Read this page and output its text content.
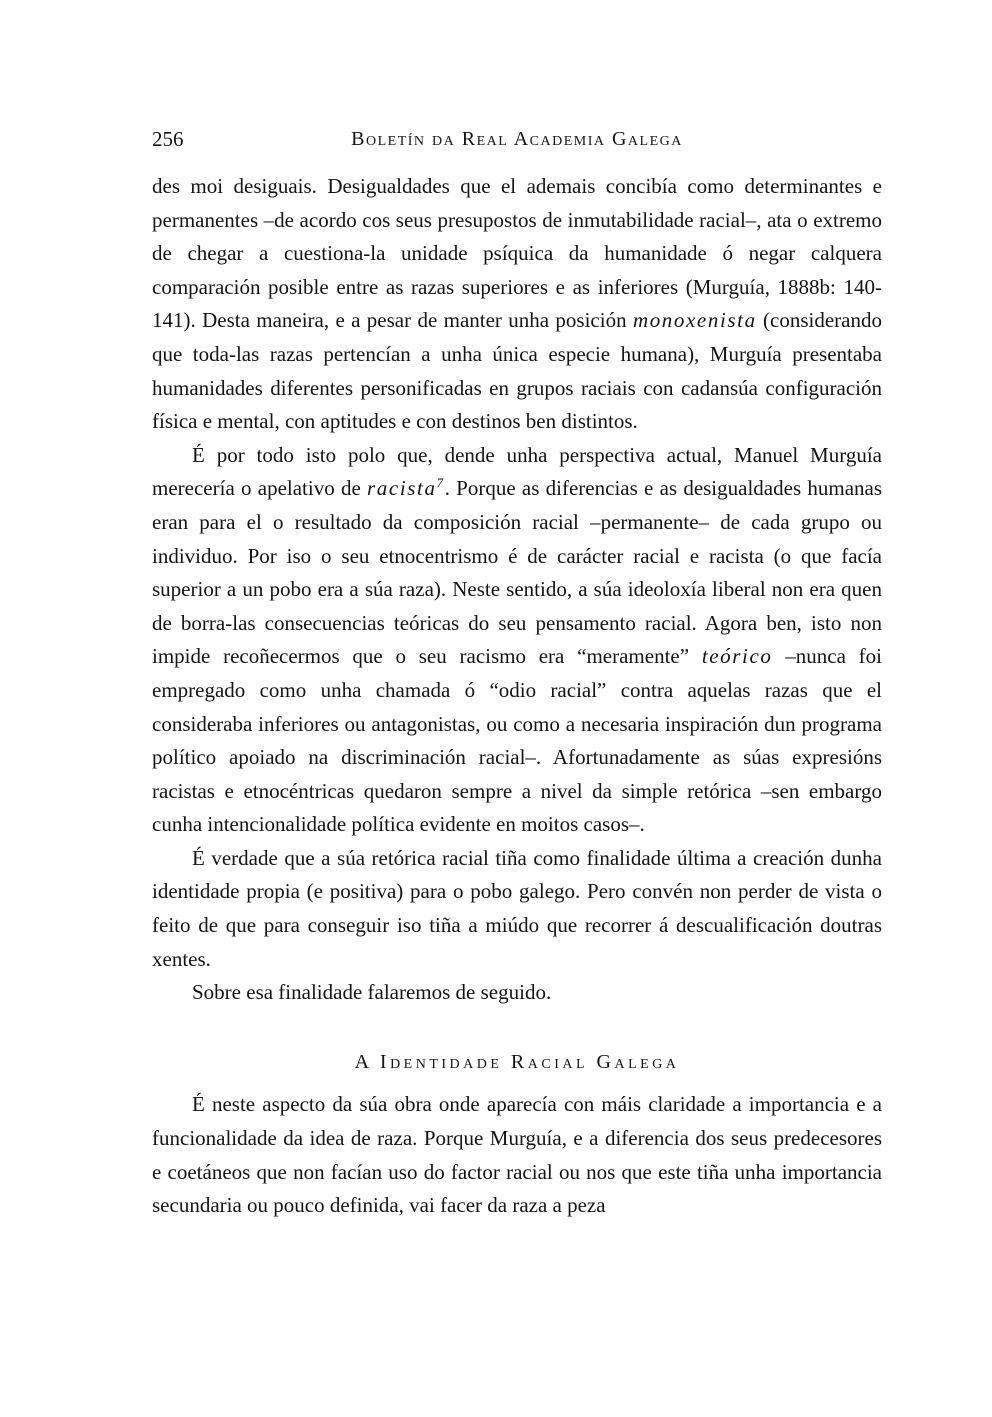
256	Boletín da Real Academia Galega

des moi desiguais. Desigualdades que el ademais concibía como determinantes e permanentes –de acordo cos seus presupostos de inmutabilidade racial–, ata o extremo de chegar a cuestiona-la unidade psíquica da humanidade ó negar calquera comparación posible entre as razas superiores e as inferiores (Murguía, 1888b: 140-141). Desta maneira, e a pesar de manter unha posición monoxenista (considerando que toda-las razas pertencían a unha única especie humana), Murguía presentaba humanidades diferentes personificadas en grupos raciais con cadansúa configuración física e mental, con aptitudes e con destinos ben distintos.

É por todo isto polo que, dende unha perspectiva actual, Manuel Murguía merecería o apelativo de racista$^7$. Porque as diferencias e as desigualdades humanas eran para el o resultado da composición racial –permanente– de cada grupo ou individuo. Por iso o seu etnocentrismo é de carácter racial e racista (o que facía superior a un pobo era a súa raza). Neste sentido, a súa ideoloxía liberal non era quen de borra-las consecuencias teóricas do seu pensamento racial. Agora ben, isto non impide recoñecermos que o seu racismo era “meramente” teórico –nunca foi empregado como unha chamada ó “odio racial” contra aquelas razas que el consideraba inferiores ou antagonistas, ou como a necesaria inspiración dun programa político apoiado na discriminación racial–. Afortunadamente as súas expresións racistas e etnocéntricas quedaron sempre a nivel da simple retórica –sen embargo cunha intencionalidade política evidente en moitos casos–.

É verdade que a súa retórica racial tiña como finalidade última a creación dunha identidade propia (e positiva) para o pobo galego. Pero convén non perder de vista o feito de que para conseguir iso tiña a miúdo que recorrer á descualificación doutras xentes.

Sobre esa finalidade falaremos de seguido.

A Identidade Racial Galega

É neste aspecto da súa obra onde aparecía con máis claridade a importancia e a funcionalidade da idea de raza. Porque Murguía, e a diferencia dos seus predecesores e coetáneos que non facían uso do factor racial ou nos que este tiña unha importancia secundaria ou pouco definida, vai facer da raza a peza
